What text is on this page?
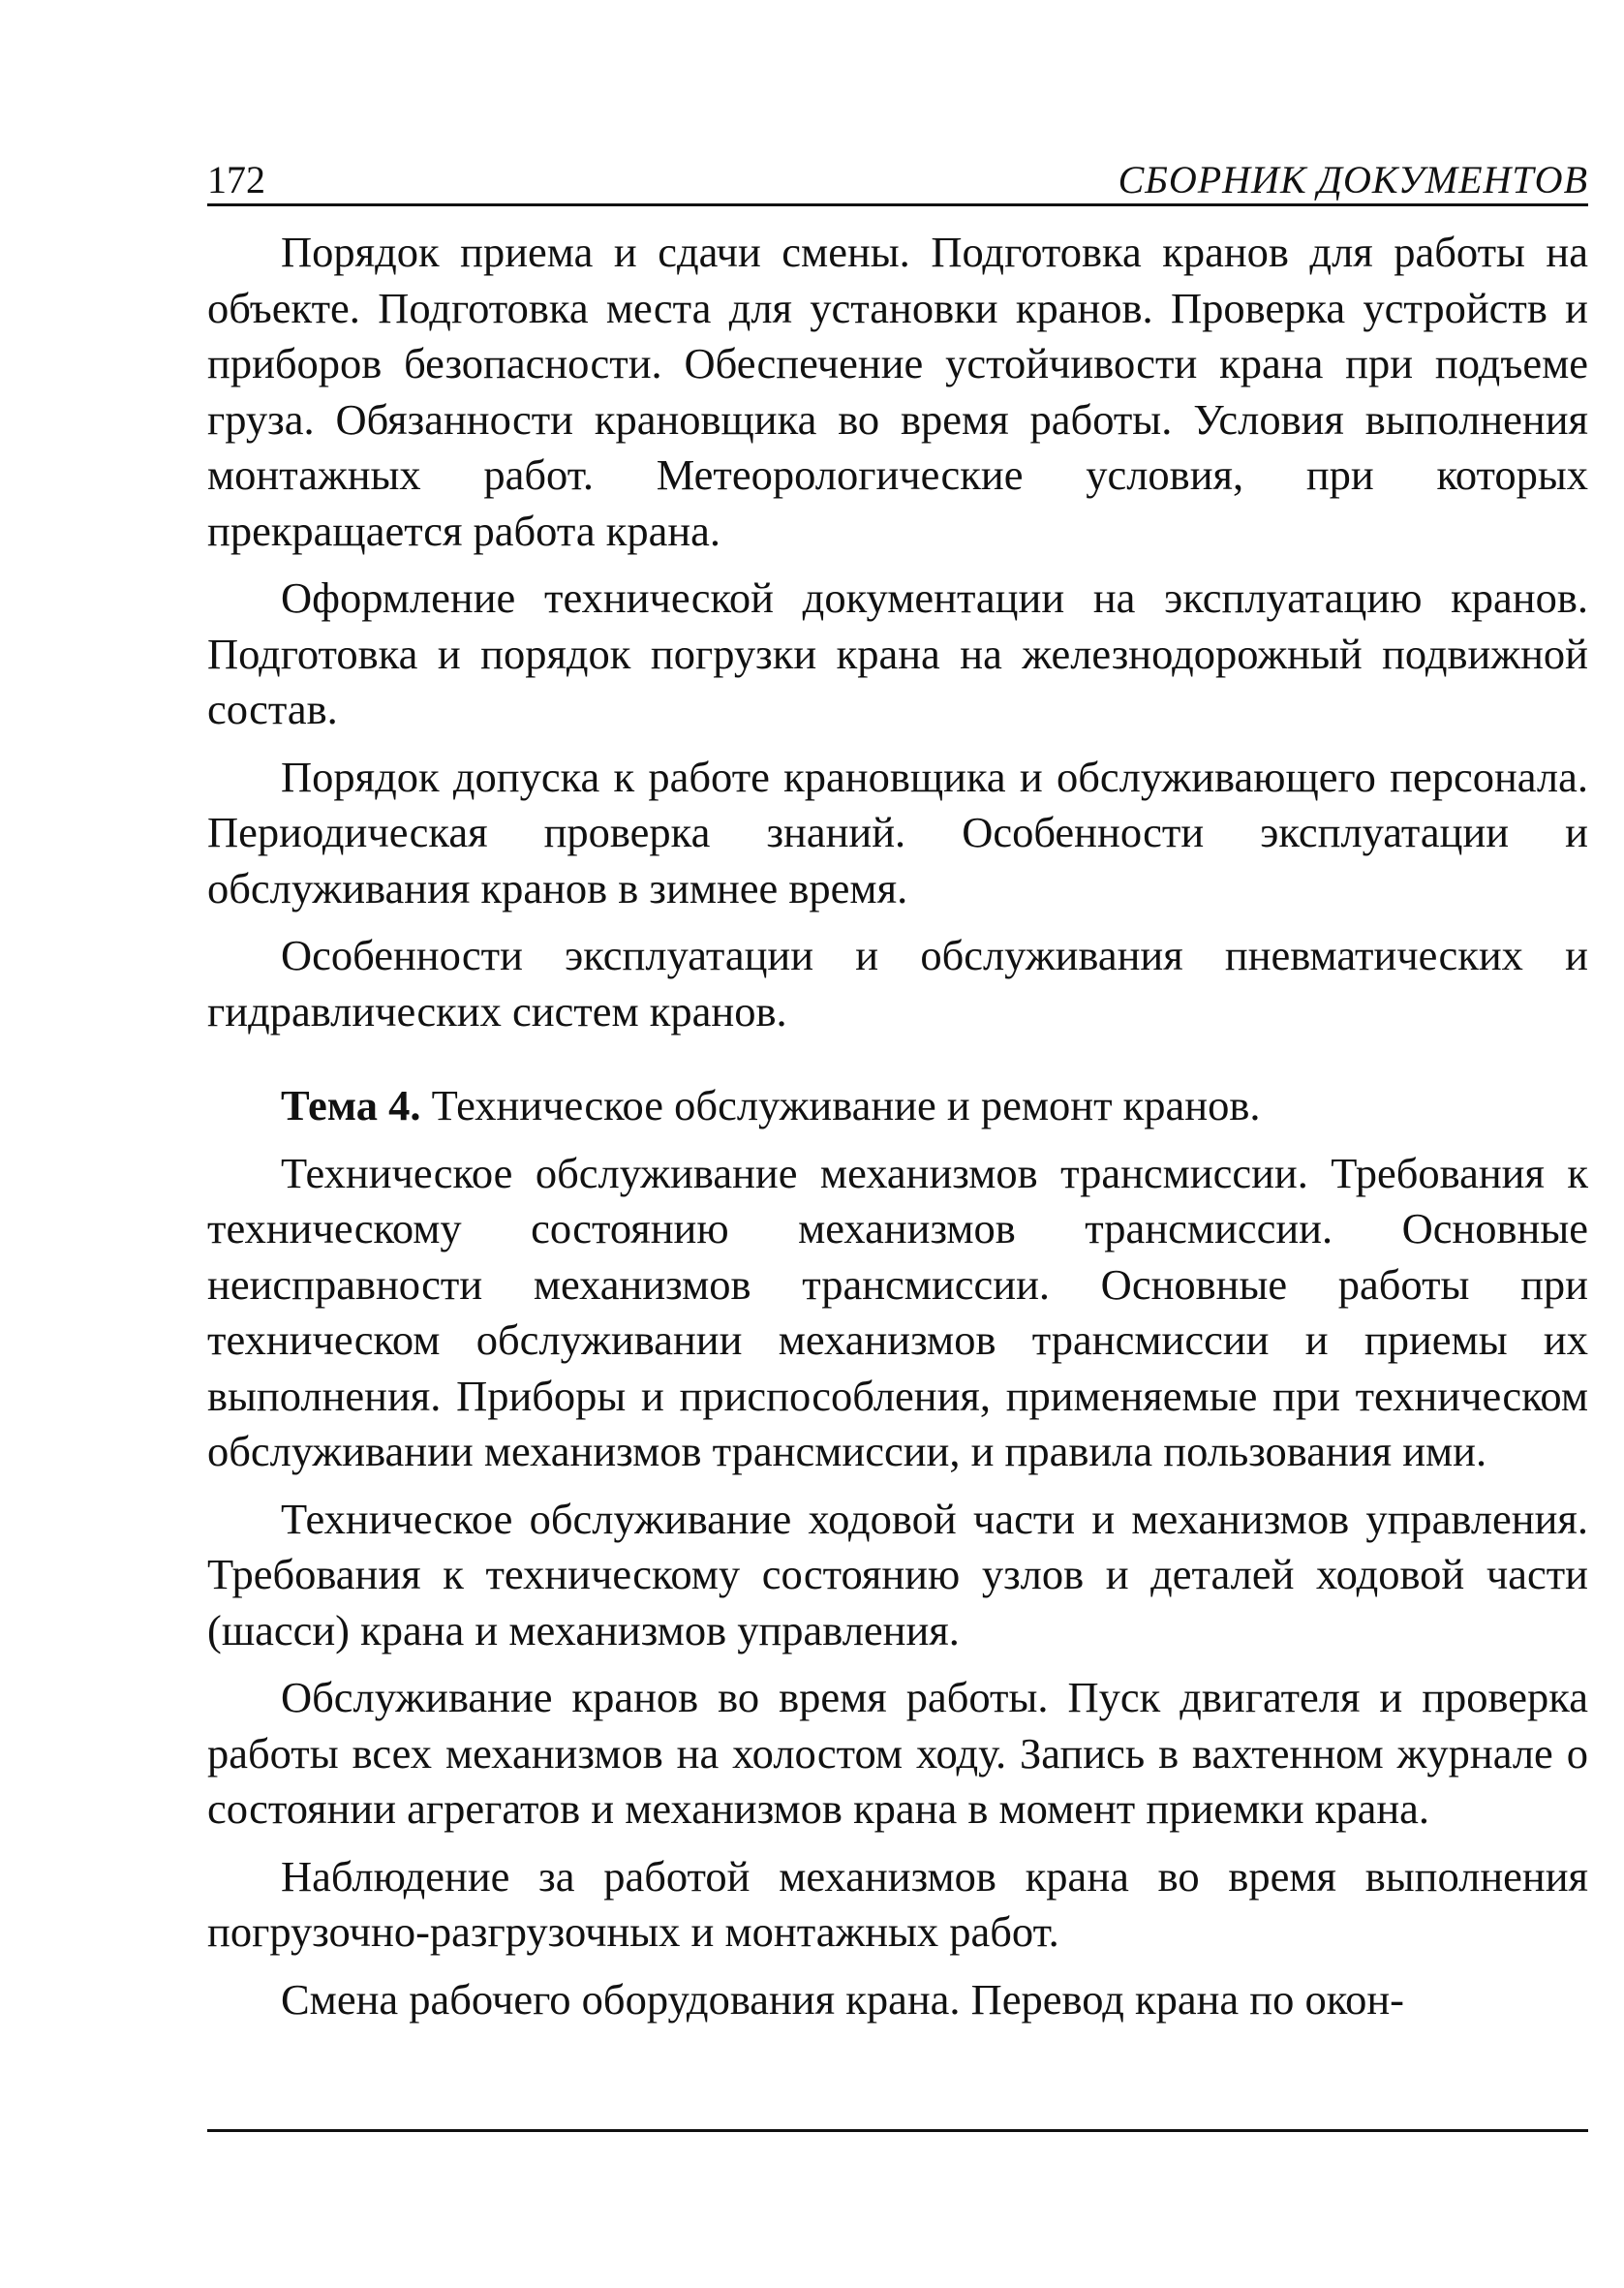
172	СБОРНИК ДОКУМЕНТОВ

Порядок приема и сдачи смены. Подготовка кранов для работы на объекте. Подготовка места для установки кранов. Проверка устройств и приборов безопасности. Обеспечение устойчивости крана при подъеме груза. Обязанности крановщика во время работы. Условия выполнения монтажных работ. Метеорологические условия, при которых прекращается работа крана.

Оформление технической документации на эксплуатацию кранов. Подготовка и порядок погрузки крана на железнодорожный подвижной состав.

Порядок допуска к работе крановщика и обслуживающего персонала. Периодическая проверка знаний. Особенности эксплуатации и обслуживания кранов в зимнее время.

Особенности эксплуатации и обслуживания пневматических и гидравлических систем кранов.

Тема 4. Техническое обслуживание и ремонт кранов.

Техническое обслуживание механизмов трансмиссии. Требования к техническому состоянию механизмов трансмиссии. Основные неисправности механизмов трансмиссии. Основные работы при техническом обслуживании механизмов трансмиссии и приемы их выполнения. Приборы и приспособления, применяемые при техническом обслуживании механизмов трансмиссии, и правила пользования ими.

Техническое обслуживание ходовой части и механизмов управления. Требования к техническому состоянию узлов и деталей ходовой части (шасси) крана и механизмов управления.

Обслуживание кранов во время работы. Пуск двигателя и проверка работы всех механизмов на холостом ходу. Запись в вахтенном журнале о состоянии агрегатов и механизмов крана в момент приемки крана.

Наблюдение за работой механизмов крана во время выполнения погрузочно-разгрузочных и монтажных работ.

Смена рабочего оборудования крана. Перевод крана по окон-
